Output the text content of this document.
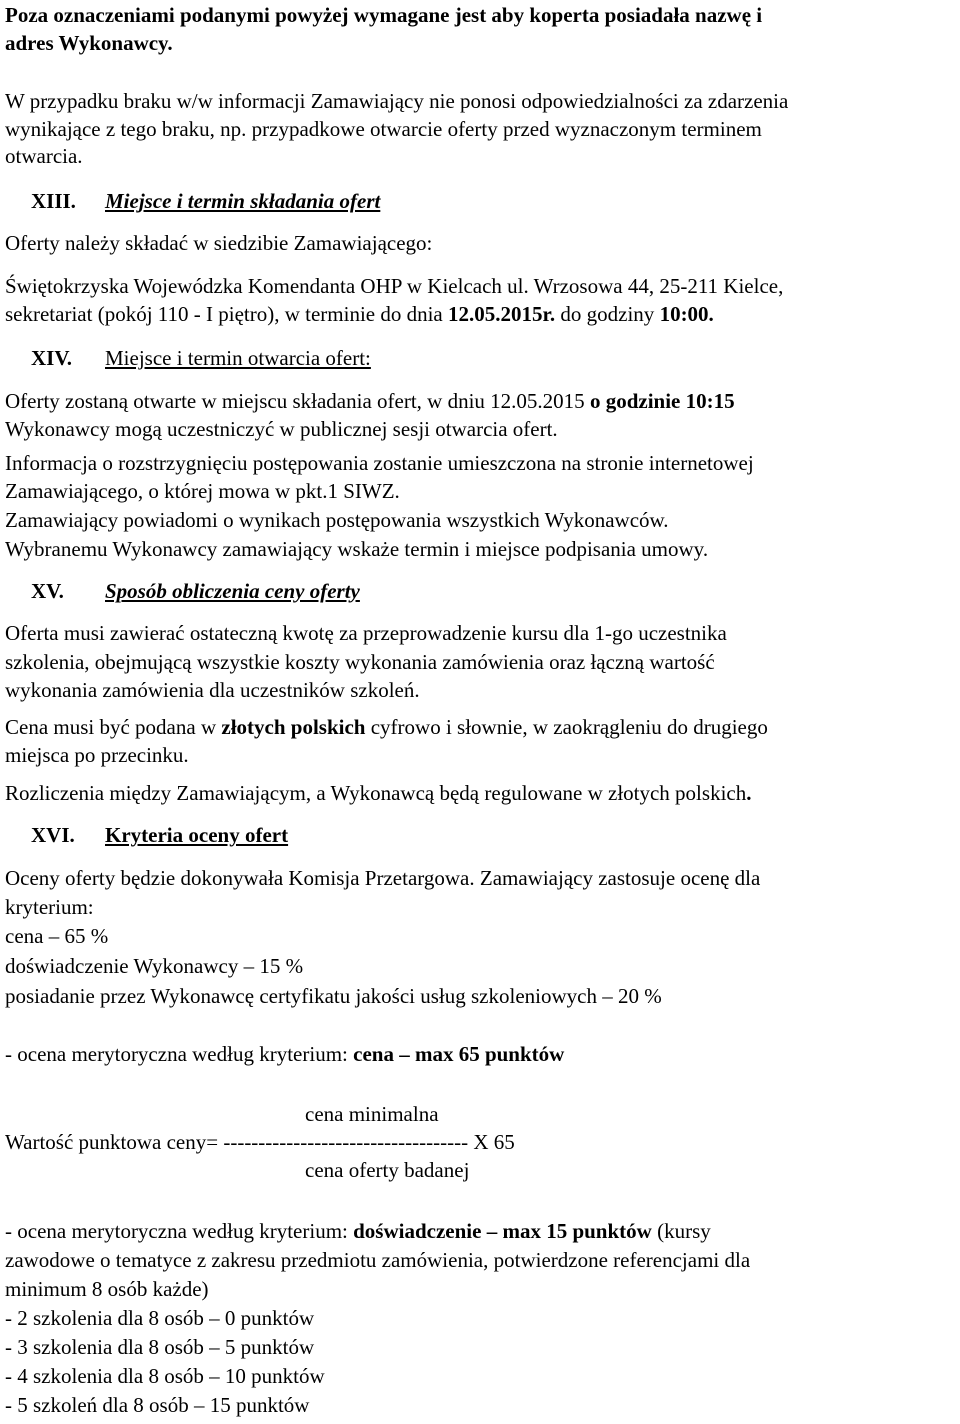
Poza oznaczeniami podanymi powyżej wymagane jest aby koperta posiadała nazwę i
adres Wykonawcy.
W przypadku braku w/w informacji Zamawiający nie ponosi odpowiedzialności za zdarzenia
wynikające z tego braku, np. przypadkowe otwarcie oferty przed wyznaczonym terminem
otwarcia.
XIII. Miejsce i termin składania ofert
Oferty należy składać w siedzibie Zamawiającego:
Świętokrzyska Wojewódzka Komendanta OHP w Kielcach ul. Wrzosowa 44, 25-211 Kielce,
sekretariat (pokój 110 - I piętro), w terminie do dnia 12.05.2015r. do godziny 10:00.
XIV. Miejsce i termin otwarcia ofert:
Oferty zostaną otwarte w miejscu składania ofert, w dniu 12.05.2015 o godzinie 10:15
Wykonawcy mogą uczestniczyć w publicznej sesji otwarcia ofert.
Informacja o rozstrzygnięciu postępowania zostanie umieszczona na stronie internetowej
Zamawiającego, o której mowa w pkt.1 SIWZ.
Zamawiający powiadomi o wynikach postępowania wszystkich Wykonawców.
Wybranemu Wykonawcy zamawiający wskaże termin i miejsce podpisania umowy.
XV. Sposób obliczenia ceny oferty
Oferta musi zawierać ostateczną kwotę za przeprowadzenie kursu dla 1-go uczestnika
szkolenia, obejmującą wszystkie koszty wykonania zamówienia oraz łączną wartość
wykonania zamówienia dla uczestników szkoleń.
Cena musi być podana w złotych polskich cyfrowo i słownie, w zaokrągleniu do drugiego
miejsca po przecinku.
Rozliczenia między Zamawiającym, a Wykonawcą będą regulowane w złotych polskich.
XVI. Kryteria oceny ofert
Oceny oferty będzie dokonywała Komisja Przetargowa. Zamawiający zastosuje ocenę dla
kryterium:
cena – 65 %
doświadczenie Wykonawcy – 15 %
posiadanie przez Wykonawcę certyfikatu jakości usług szkoleniowych – 20 %
- ocena merytoryczna według kryterium: cena – max 65 punktów
cena minimalna
Wartość punktowa ceny= ----------------------------------- X 65
cena oferty badanej
- ocena merytoryczna według kryterium: doświadczenie – max 15 punktów (kursy
zawodowe o tematyce z zakresu przedmiotu zamówienia, potwierdzone referencjami dla
minimum 8 osób każde)
- 2 szkolenia dla 8 osób – 0 punktów
- 3 szkolenia dla 8 osób – 5 punktów
- 4 szkolenia dla 8 osób – 10 punktów
- 5 szkoleń dla 8 osób – 15 punktów
